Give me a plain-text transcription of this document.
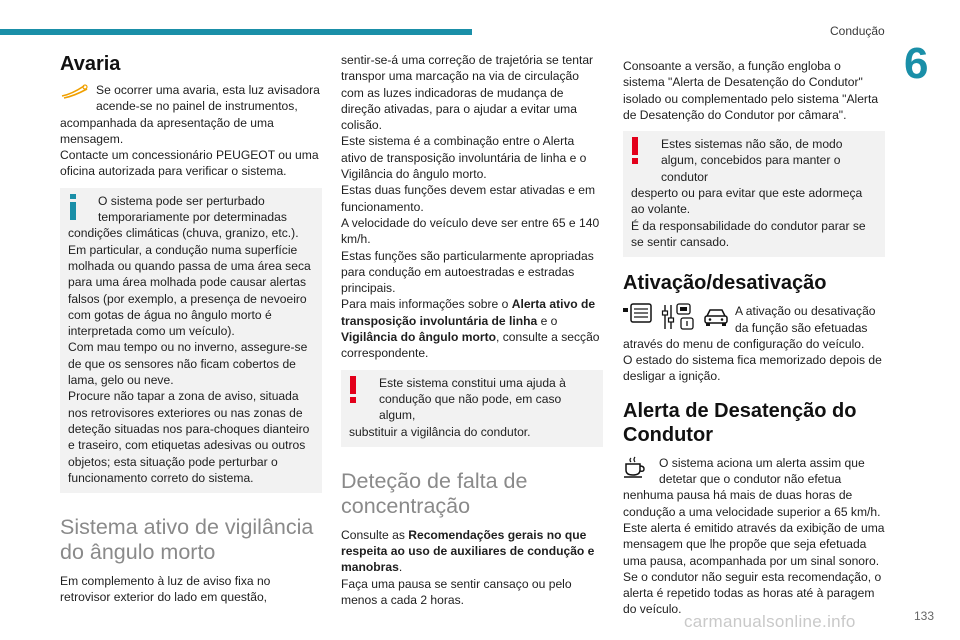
Condução
6
Avaria
Se ocorrer uma avaria, esta luz avisadora acende-se no painel de instrumentos,
acompanhada da apresentação de uma mensagem.
Contacte um concessionário PEUGEOT ou uma oficina autorizada para verificar o sistema.
O sistema pode ser perturbado temporariamente por determinadas
condições climáticas (chuva, granizo, etc.).
Em particular, a condução numa superfície molhada ou quando passa de uma área seca para uma área molhada pode causar alertas falsos (por exemplo, a presença de nevoeiro com gotas de água no ângulo morto é interpretada como um veículo).
Com mau tempo ou no inverno, assegure-se de que os sensores não ficam cobertos de lama, gelo ou neve.
Procure não tapar a zona de aviso, situada nos retrovisores exteriores ou nas zonas de deteção situadas nos para-choques dianteiro e traseiro, com etiquetas adesivas ou outros objetos; esta situação pode perturbar o funcionamento correto do sistema.
Sistema ativo de vigilância do ângulo morto
Em complemento à luz de aviso fixa no retrovisor exterior do lado em questão,
sentir-se-á uma correção de trajetória se tentar transpor uma marcação na via de circulação com as luzes indicadoras de mudança de direção ativadas, para o ajudar a evitar uma colisão.
Este sistema é a combinação entre o Alerta ativo de transposição involuntária de linha e o Vigilância do ângulo morto.
Estas duas funções devem estar ativadas e em funcionamento.
A velocidade do veículo deve ser entre 65 e 140 km/h.
Estas funções são particularmente apropriadas para condução em autoestradas e estradas principais.
Para mais informações sobre o Alerta ativo de transposição involuntária de linha e o Vigilância do ângulo morto, consulte a secção correspondente.
Este sistema constitui uma ajuda à condução que não pode, em caso algum,
substituir a vigilância do condutor.
Deteção de falta de concentração
Consulte as Recomendações gerais no que respeita ao uso de auxiliares de condução e manobras.
Faça uma pausa se sentir cansaço ou pelo menos a cada 2 horas.
Consoante a versão, a função engloba o sistema "Alerta de Desatenção do Condutor" isolado ou complementado pelo sistema "Alerta de Desatenção do Condutor por câmara".
Estes sistemas não são, de modo algum, concebidos para manter o condutor
desperto ou para evitar que este adormeça ao volante.
É da responsabilidade do condutor parar se se sentir cansado.
Ativação/desativação
A ativação ou desativação da função são efetuadas
através do menu de configuração do veículo.
O estado do sistema fica memorizado depois de desligar a ignição.
Alerta de Desatenção do Condutor
O sistema aciona um alerta assim que detetar que o condutor não efetua
nenhuma pausa há mais de duas horas de condução a uma velocidade superior a 65 km/h.
Este alerta é emitido através da exibição de uma mensagem que lhe propõe que seja efetuada uma pausa, acompanhada por um sinal sonoro.
Se o condutor não seguir esta recomendação, o alerta é repetido todas as horas até à paragem do veículo.
carmanualsonline.info	133
